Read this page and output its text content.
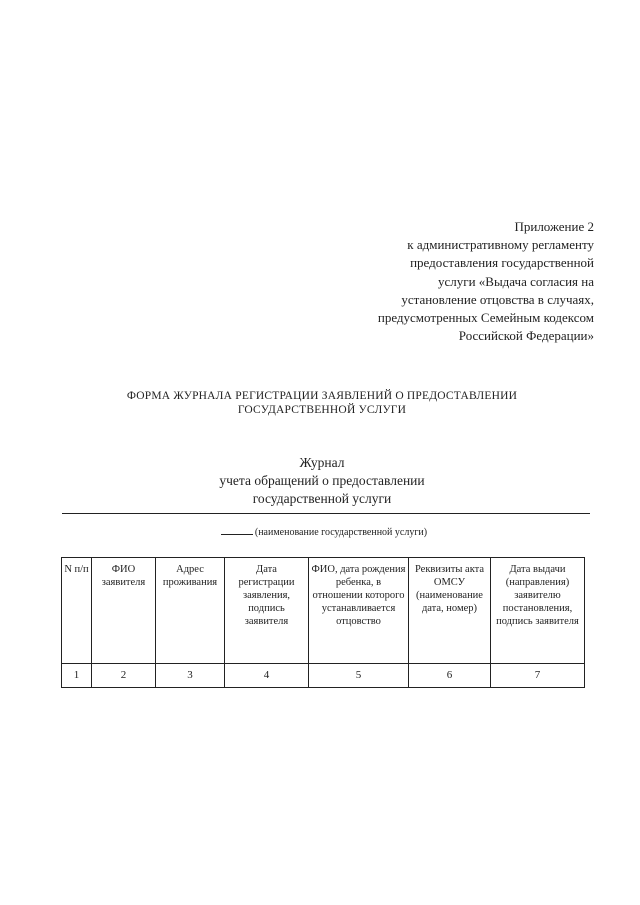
Приложение 2
к административному регламенту
предоставления государственной
услуги «Выдача согласия на
установление отцовства в случаях,
предусмотренных Семейным кодексом
Российской Федерации»
ФОРМА ЖУРНАЛА РЕГИСТРАЦИИ ЗАЯВЛЕНИЙ О ПРЕДОСТАВЛЕНИИ
ГОСУДАРСТВЕННОЙ УСЛУГИ
Журнал
учета обращений о предоставлении
государственной услуги
(наименование государственной услуги)
N п/п	ФИО заявителя	Адрес проживания	Дата регистрации заявления, подпись заявителя	ФИО, дата рождения ребенка, в отношении которого устанавливается отцовство	Реквизиты акта ОМСУ (наименование дата, номер)	Дата выдачи (направления) заявителю постановления, подпись заявителя
1	2	3	4	5	6	7
